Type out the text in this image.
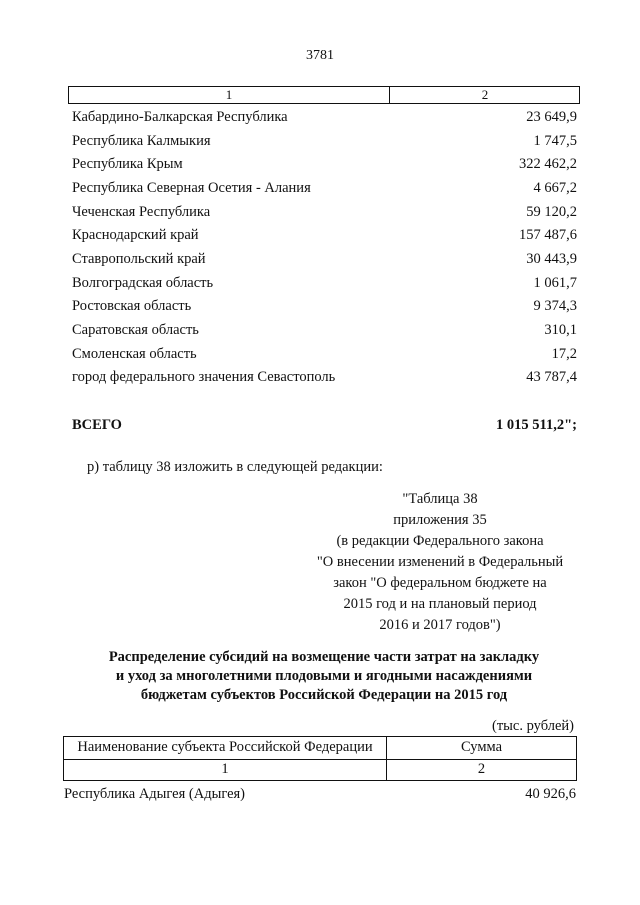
3781
1	2
Кабардино-Балкарская Республика	23 649,9
Республика Калмыкия	1 747,5
Республика Крым	322 462,2
Республика Северная Осетия - Алания	4 667,2
Чеченская Республика	59 120,2
Краснодарский край	157 487,6
Ставропольский край	30 443,9
Волгоградская область	1 061,7
Ростовская область	9 374,3
Саратовская область	310,1
Смоленская область	17,2
город федерального значения Севастополь	43 787,4
ВСЕГО	1 015 511,2";
р) таблицу 38 изложить в следующей редакции:
"Таблица 38
приложения 35
(в редакции Федерального закона
"О внесении изменений в Федеральный
закон "О федеральном бюджете на
2015 год и на плановый период
2016 и 2017 годов")
Распределение субсидий на возмещение части затрат на закладку
и уход за многолетними плодовыми и ягодными насаждениями
бюджетам субъектов Российской Федерации на 2015 год
(тыс. рублей)
Наименование субъекта Российской Федерации	Сумма
1	2
Республика Адыгея (Адыгея)	40 926,6
